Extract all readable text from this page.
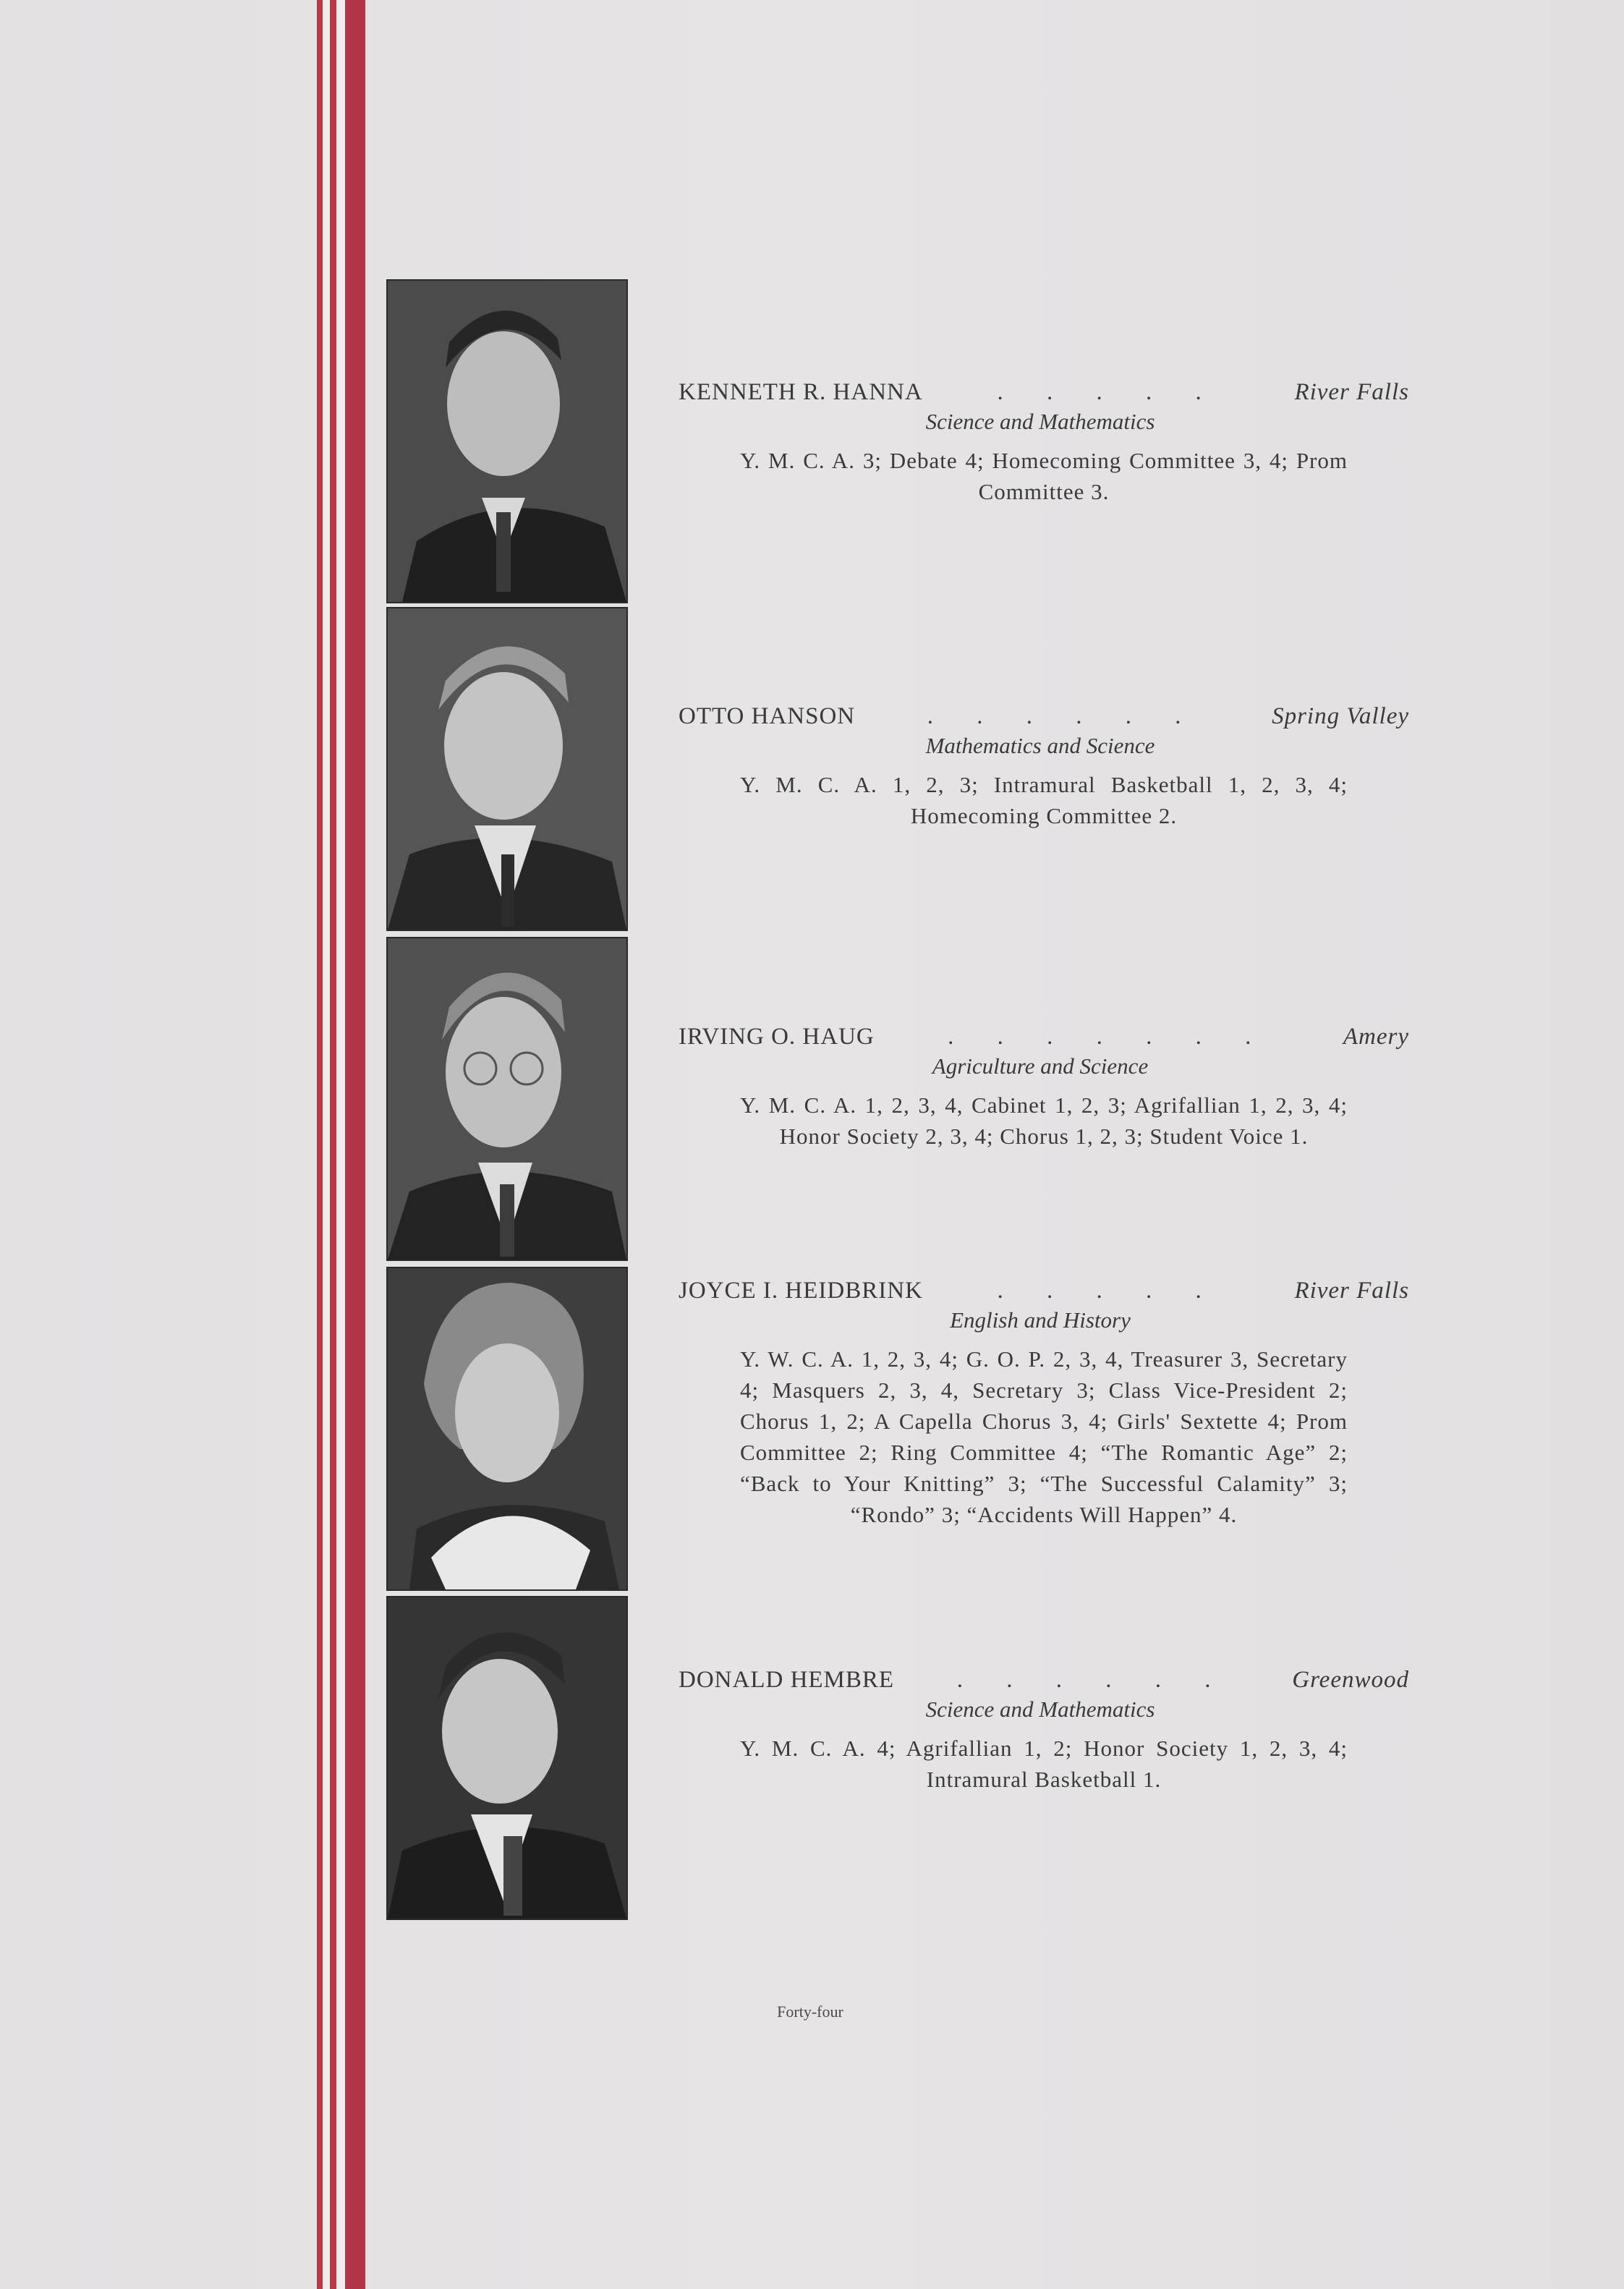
KENNETH R. HANNA	. . . . .	River Falls
Science and Mathematics
Y. M. C. A. 3; Debate 4; Homecoming Committee 3, 4; Prom Committee 3.
OTTO HANSON	. . . . . .	Spring Valley
Mathematics and Science
Y. M. C. A. 1, 2, 3; Intramural Basketball 1, 2, 3, 4; Homecoming Committee 2.
IRVING O. HAUG	. . . . . . .	Amery
Agriculture and Science
Y. M. C. A. 1, 2, 3, 4, Cabinet 1, 2, 3; Agrifallian 1, 2, 3, 4; Honor Society 2, 3, 4; Chorus 1, 2, 3; Student Voice 1.
JOYCE I. HEIDBRINK	. . . . .	River Falls
English and History
Y. W. C. A. 1, 2, 3, 4; G. O. P. 2, 3, 4, Treasurer 3, Secretary 4; Masquers 2, 3, 4, Secretary 3; Class Vice-President 2; Chorus 1, 2; A Capella Chorus 3, 4; Girls' Sextette 4; Prom Committee 2; Ring Committee 4; “The Romantic Age” 2; “Back to Your Knitting” 3; “The Successful Calamity” 3; “Rondo” 3; “Accidents Will Happen” 4.
DONALD HEMBRE	. . . . . .	Greenwood
Science and Mathematics
Y. M. C. A. 4; Agrifallian 1, 2; Honor Society 1, 2, 3, 4; Intramural Basketball 1.
Forty-four
